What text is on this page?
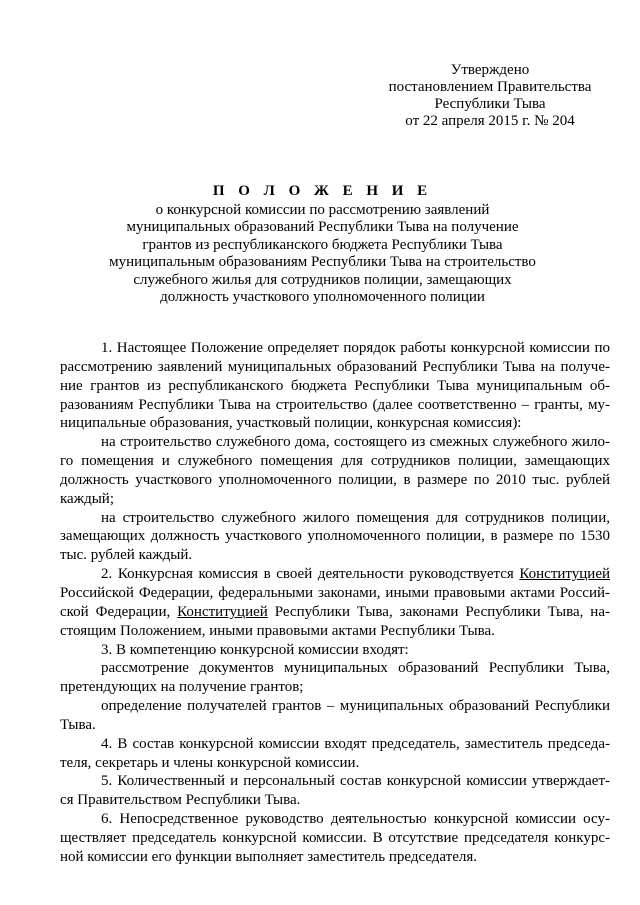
Утверждено
постановлением Правительства
Республики Тыва
от 22 апреля 2015 г. № 204
П О Л О Ж Е Н И Е
о конкурсной комиссии по рассмотрению заявлений
муниципальных образований Республики Тыва на получение
грантов из республиканского бюджета Республики Тыва
муниципальным образованиям Республики Тыва на строительство
служебного жилья для сотрудников полиции, замещающих
должность участкового уполномоченного полиции
1. Настоящее Положение определяет порядок работы конкурсной комиссии по
рассмотрению заявлений муниципальных образований Республики Тыва на получе-
ние грантов из республиканского бюджета Республики Тыва муниципальным об-
разованиям Республики Тыва на строительство (далее соответственно – гранты, му-
ниципальные образования, участковый полиции, конкурсная комиссия):
на строительство служебного дома, состоящего из смежных служебного жило-
го помещения и служебного помещения для сотрудников полиции, замещающих
должность участкового уполномоченного полиции, в размере по 2010 тыс. рублей
каждый;
на строительство служебного жилого помещения для сотрудников полиции,
замещающих должность участкового уполномоченного полиции, в размере по 1530
тыс. рублей каждый.
2. Конкурсная комиссия в своей деятельности руководствуется Конституцией
Российской Федерации, федеральными законами, иными правовыми актами Россий-
ской Федерации, Конституцией Республики Тыва, законами Республики Тыва, на-
стоящим Положением, иными правовыми актами Республики Тыва.
3. В компетенцию конкурсной комиссии входят:
рассмотрение документов муниципальных образований Республики Тыва,
претендующих на получение грантов;
определение получателей грантов – муниципальных образований Республики
Тыва.
4. В состав конкурсной комиссии входят председатель, заместитель председа-
теля, секретарь и члены конкурсной комиссии.
5. Количественный и персональный состав конкурсной комиссии утверждает-
ся Правительством Республики Тыва.
6. Непосредственное руководство деятельностью конкурсной комиссии осу-
ществляет председатель конкурсной комиссии. В отсутствие председателя конкурс-
ной комиссии его функции выполняет заместитель председателя.
